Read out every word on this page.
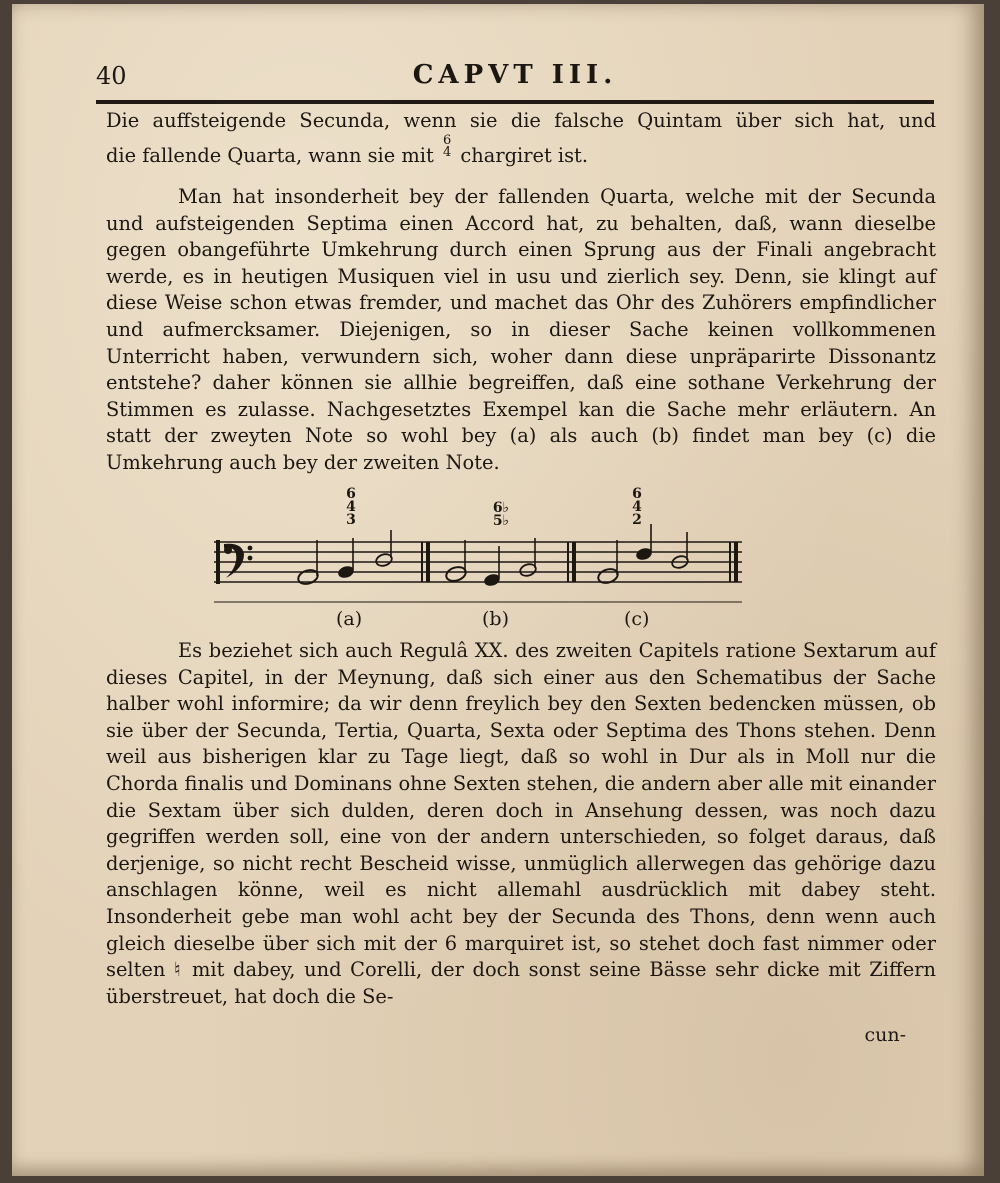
40	CAPVT III.

Die auffsteigende Secunda, wenn sie die falsche Quintam über sich hat, und

die fallende Quarta, wann sie mit
6
4 chargiret ist.

Man hat insonderheit bey der fallenden Quarta, welche mit der Secunda und aufsteigenden Septima einen Accord hat, zu behalten, daß, wann dieselbe gegen obangeführte Umkehrung durch einen Sprung aus der Finali angebracht werde, es in heutigen Musiquen viel in usu und zierlich sey. Denn, sie klingt auf diese Weise schon etwas fremder, und machet das Ohr des Zuhörers empfindlicher und aufmercksamer. Diejenigen, so in dieser Sache keinen vollkommenen Unterricht haben, verwundern sich, woher dann diese unpräparirte Dissonantz entstehe? daher können sie allhie begreiffen, daß eine sothane Verkehrung der Stimmen es zulasse. Nachgesetztes Exempel kan die Sache mehr erläutern. An statt der zweyten Note so wohl bey (a) als auch (b) findet man bey (c) die Umkehrung auch bey der zweiten Note.

6
4
3
6♭
5♭
6
4
2
(a)	(b)	(c)

Es beziehet sich auch Regulâ XX. des zweiten Capitels ratione Sextarum auf dieses Capitel, in der Meynung, daß sich einer aus den Schematibus der Sache halber wohl informire; da wir denn freylich bey den Sexten bedencken müssen, ob sie über der Secunda, Tertia, Quarta, Sexta oder Septima des Thons stehen. Denn weil aus bisherigen klar zu Tage liegt, daß so wohl in Dur als in Moll nur die Chorda finalis und Dominans ohne Sexten stehen, die andern aber alle mit einander die Sextam über sich dulden, deren doch in Ansehung dessen, was noch dazu gegriffen werden soll, eine von der andern unterschieden, so folget daraus, daß derjenige, so nicht recht Bescheid wisse, unmüglich allerwegen das gehörige dazu anschlagen könne, weil es nicht allemahl ausdrücklich mit dabey steht. Insonderheit gebe man wohl acht bey der Secunda des Thons, denn wenn auch gleich dieselbe über sich mit der 6 marquiret ist, so stehet doch fast nimmer oder selten ♮ mit dabey, und Corelli, der doch sonst seine Bässe sehr dicke mit Ziffern überstreuet, hat doch die Se-

cun-
